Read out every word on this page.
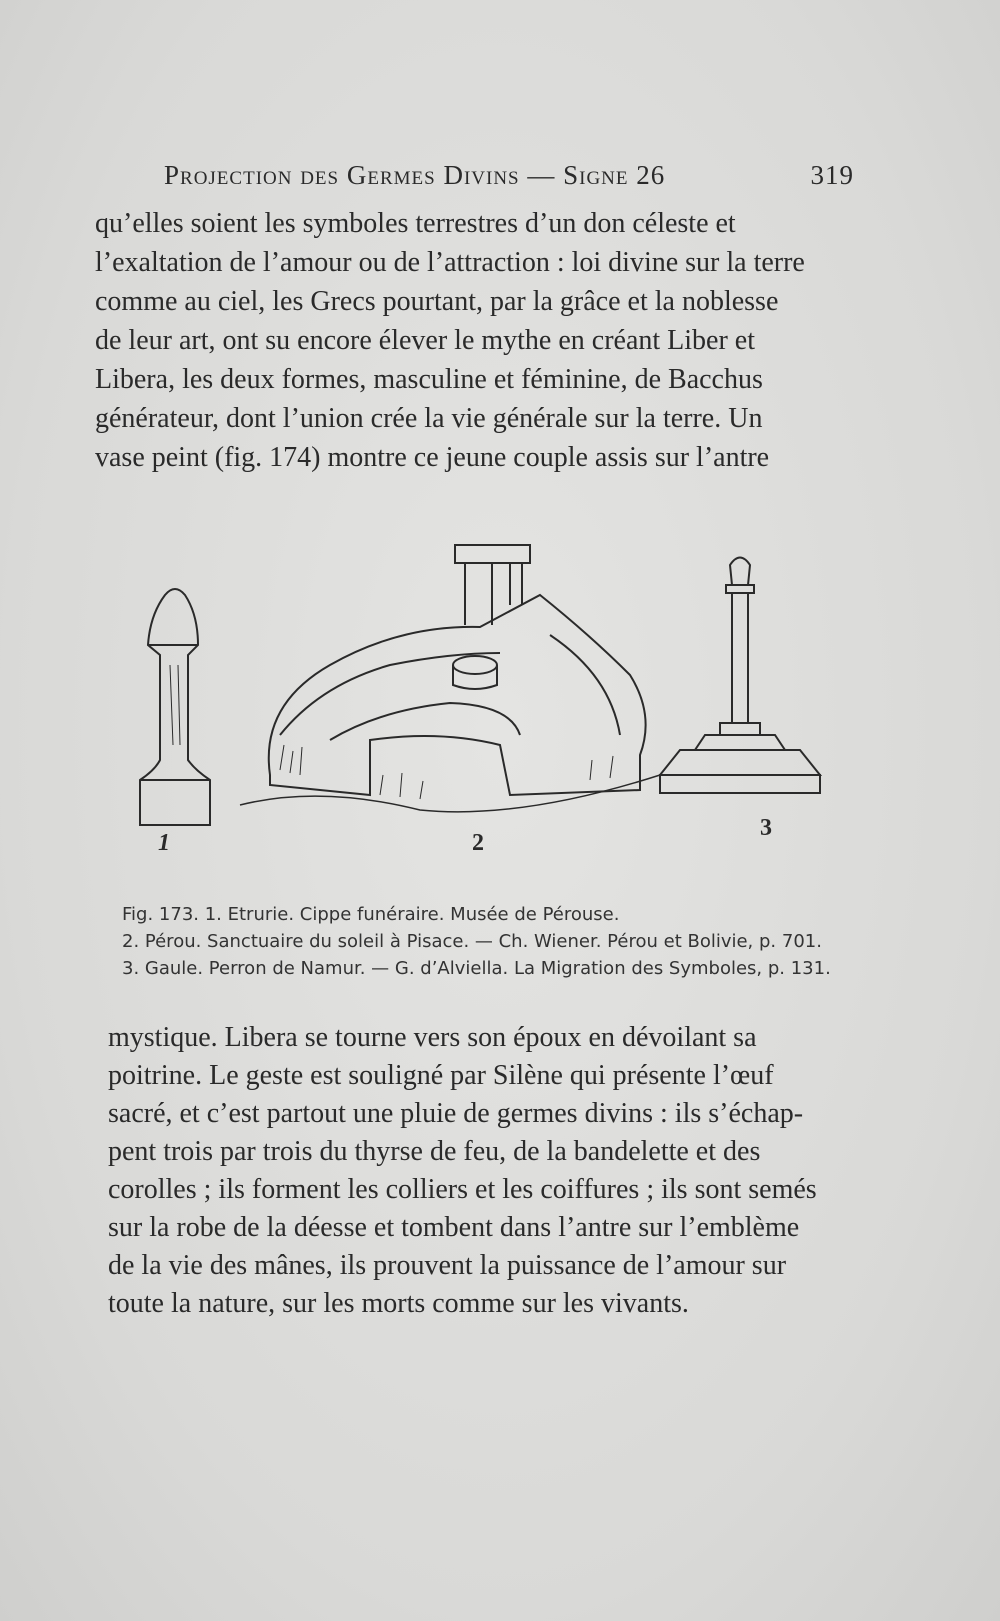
Projection des Germes Divins — Signe 26	319
qu’elles soient les symboles terrestres d’un don céleste et
l’exaltation de l’amour ou de l’attraction : loi divine sur la terre
comme au ciel, les Grecs pourtant, par la grâce et la noblesse
de leur art, ont su encore élever le mythe en créant Liber et
Libera, les deux formes, masculine et féminine, de Bacchus
générateur, dont l’union crée la vie générale sur la terre. Un
vase peint (fig. 174) montre ce jeune couple assis sur l’antre
1	2
3
Fig. 173. 1. Etrurie. Cippe funéraire. Musée de Pérouse.
2. Pérou. Sanctuaire du soleil à Pisace. — Ch. Wiener. Pérou et Bolivie, p. 701.
3. Gaule. Perron de Namur. — G. d’Alviella. La Migration des Symboles, p. 131.
mystique. Libera se tourne vers son époux en dévoilant sa
poitrine. Le geste est souligné par Silène qui présente l’œuf
sacré, et c’est partout une pluie de germes divins : ils s’échap-
pent trois par trois du thyrse de feu, de la bandelette et des
corolles ; ils forment les colliers et les coiffures ; ils sont semés
sur la robe de la déesse et tombent dans l’antre sur l’emblème
de la vie des mânes, ils prouvent la puissance de l’amour sur
toute la nature, sur les morts comme sur les vivants.
